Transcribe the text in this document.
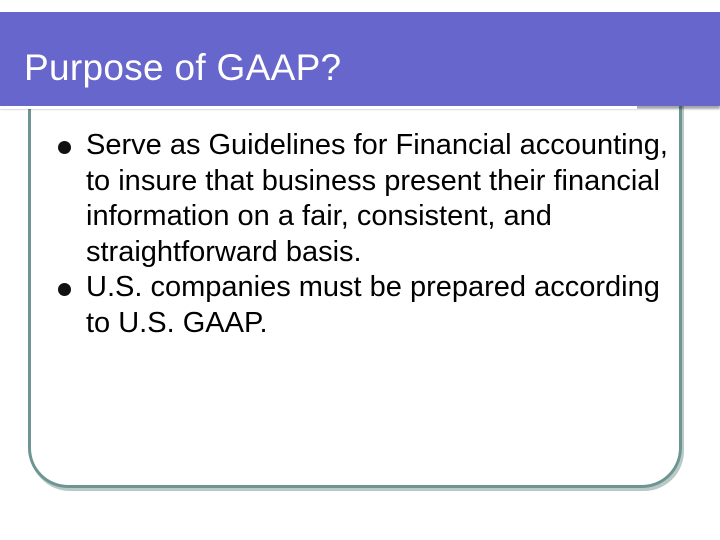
Purpose of GAAP?

Serve as Guidelines for Financial accounting, to insure that business present their financial information on a fair, consistent, and straightforward basis.

U.S. companies must be prepared according to U.S. GAAP.
